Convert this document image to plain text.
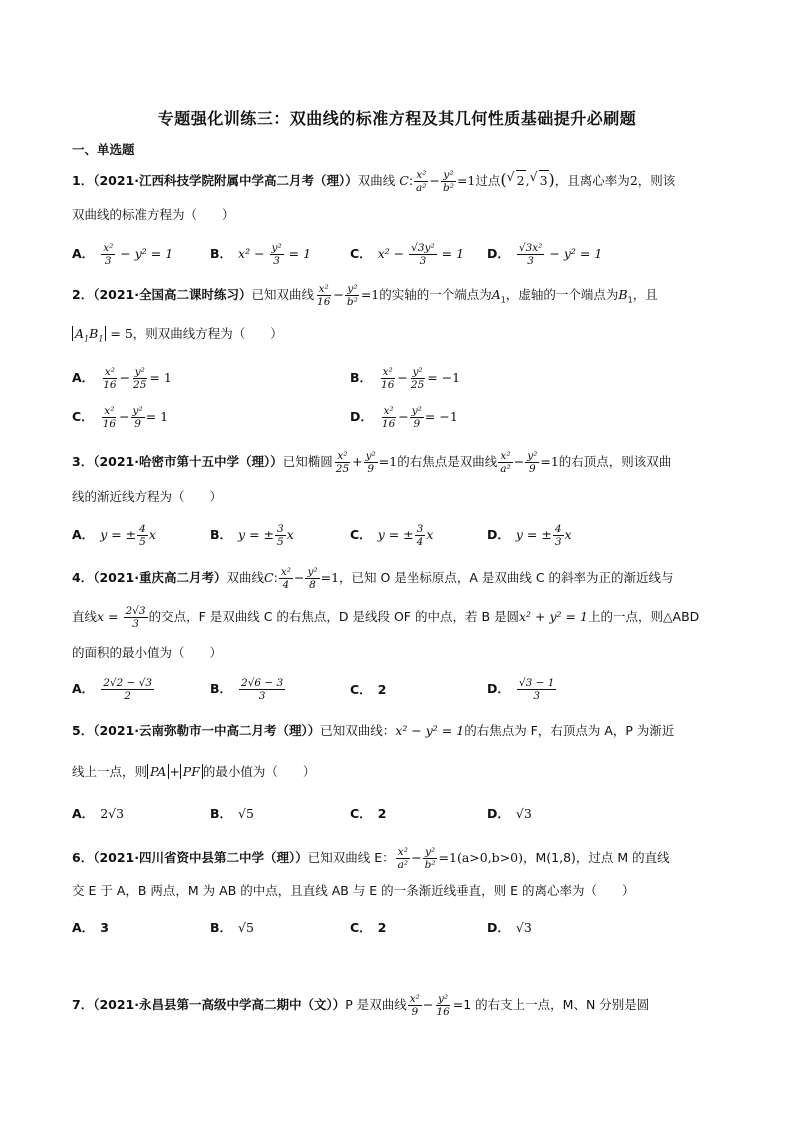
专题强化训练三：双曲线的标准方程及其几何性质基础提升必刷题
一、单选题
1．（2021·江西科技学院附属中学高二月考（理））双曲线 C: $\frac{\text{x²}}{\text{a²}} - \frac{\text{y²}}{\text{b²}} =1$过点( √ 2, √ 3)，且离心率为2，则该
双曲线的标准方程为（　　）
A． $\frac{\text{x²}}{3} - y^2 = 1$	B． $x^2 - \frac{\text{y²}}{3} = 1$	C． $x^2 - \frac{\text{√3y²}}{3} = 1$ D． $\frac{\text{√3x²}}{3} - y^2 = 1$
2．（2021·全国高二课时练习）已知双曲线 $\frac{\text{x²}}{16} - \frac{\text{y²}}{\text{b²}} =1$的实轴的一个端点为$A_1$，虚轴的一个端点为$B_1$，且
$A_1B_1 = 5$，则双曲线方程为（　　）
A． $\frac{\text{x²}}{16} - \frac{\text{y²}}{25} = 1$	B． $\frac{\text{x²}}{16} - \frac{\text{y²}}{25} = -1$
C． $\frac{\text{x²}}{16} - \frac{\text{y²}}{9} = 1$	D． $\frac{\text{x²}}{16} - \frac{\text{y²}}{9} = -1$
3．（2021·哈密市第十五中学（理））已知椭圆 $\frac{\text{x²}}{25} + \frac{\text{y²}}{9} =1$的右焦点是双曲线 $\frac{\text{x²}}{\text{a²}} - \frac{\text{y²}}{9} =1$的右顶点，则该双曲
线的渐近线方程为（　　）
A． y = ± $\frac{4}{5}$ x	B． y = ± $\frac{3}{5}$ x	C． y = ± $\frac{3}{4}$ x	D． y = ± $\frac{4}{3}$ x
4．（2021·重庆高二月考）双曲线C: $\frac{\text{x²}}{4} - \frac{\text{y²}}{8} =1$，已知 O 是坐标原点，A 是双曲线 C 的斜率为正的渐近线与
直线$x = \frac{2√3}{3}$ 的交点，F 是双曲线 C 的右焦点，D 是线段 OF 的中点，若 B 是圆x² + y² = 1上的一点，则△ABD
的面积的最小值为（　　）
A． $\frac{2√2 - √3}{2}$	B． $\frac{2√6 - 3}{3}$	C． 2	D． $\frac{√3 - 1}{3}$
5．（2021·云南弥勒市一中高二月考（理））已知双曲线：x² − y² = 1的右焦点为 F，右顶点为 A，P 为渐近
线上一点，则 PA + PF 的最小值为（　　）
A． 2√3	B． √5	C． 2	D． √3
6．（2021·四川省资中县第二中学（理））已知双曲线 E： $\frac{\text{x²}}{\text{a²}} - \frac{\text{y²}}{\text{b²}} =1(a>0,b>0)$，M(1,8)，过点 M 的直线
交 E 于 A，B 两点，M 为 AB 的中点，且直线 AB 与 E 的一条渐近线垂直，则 E 的离心率为（　　）
A． 3	B． √5	C． 2	D． √3
7．（2021·永昌县第一高级中学高二期中（文））P 是双曲线 $\frac{\text{x²}}{9} - \frac{\text{y²}}{16} =1$ 的右支上一点，M、N 分别是圆
